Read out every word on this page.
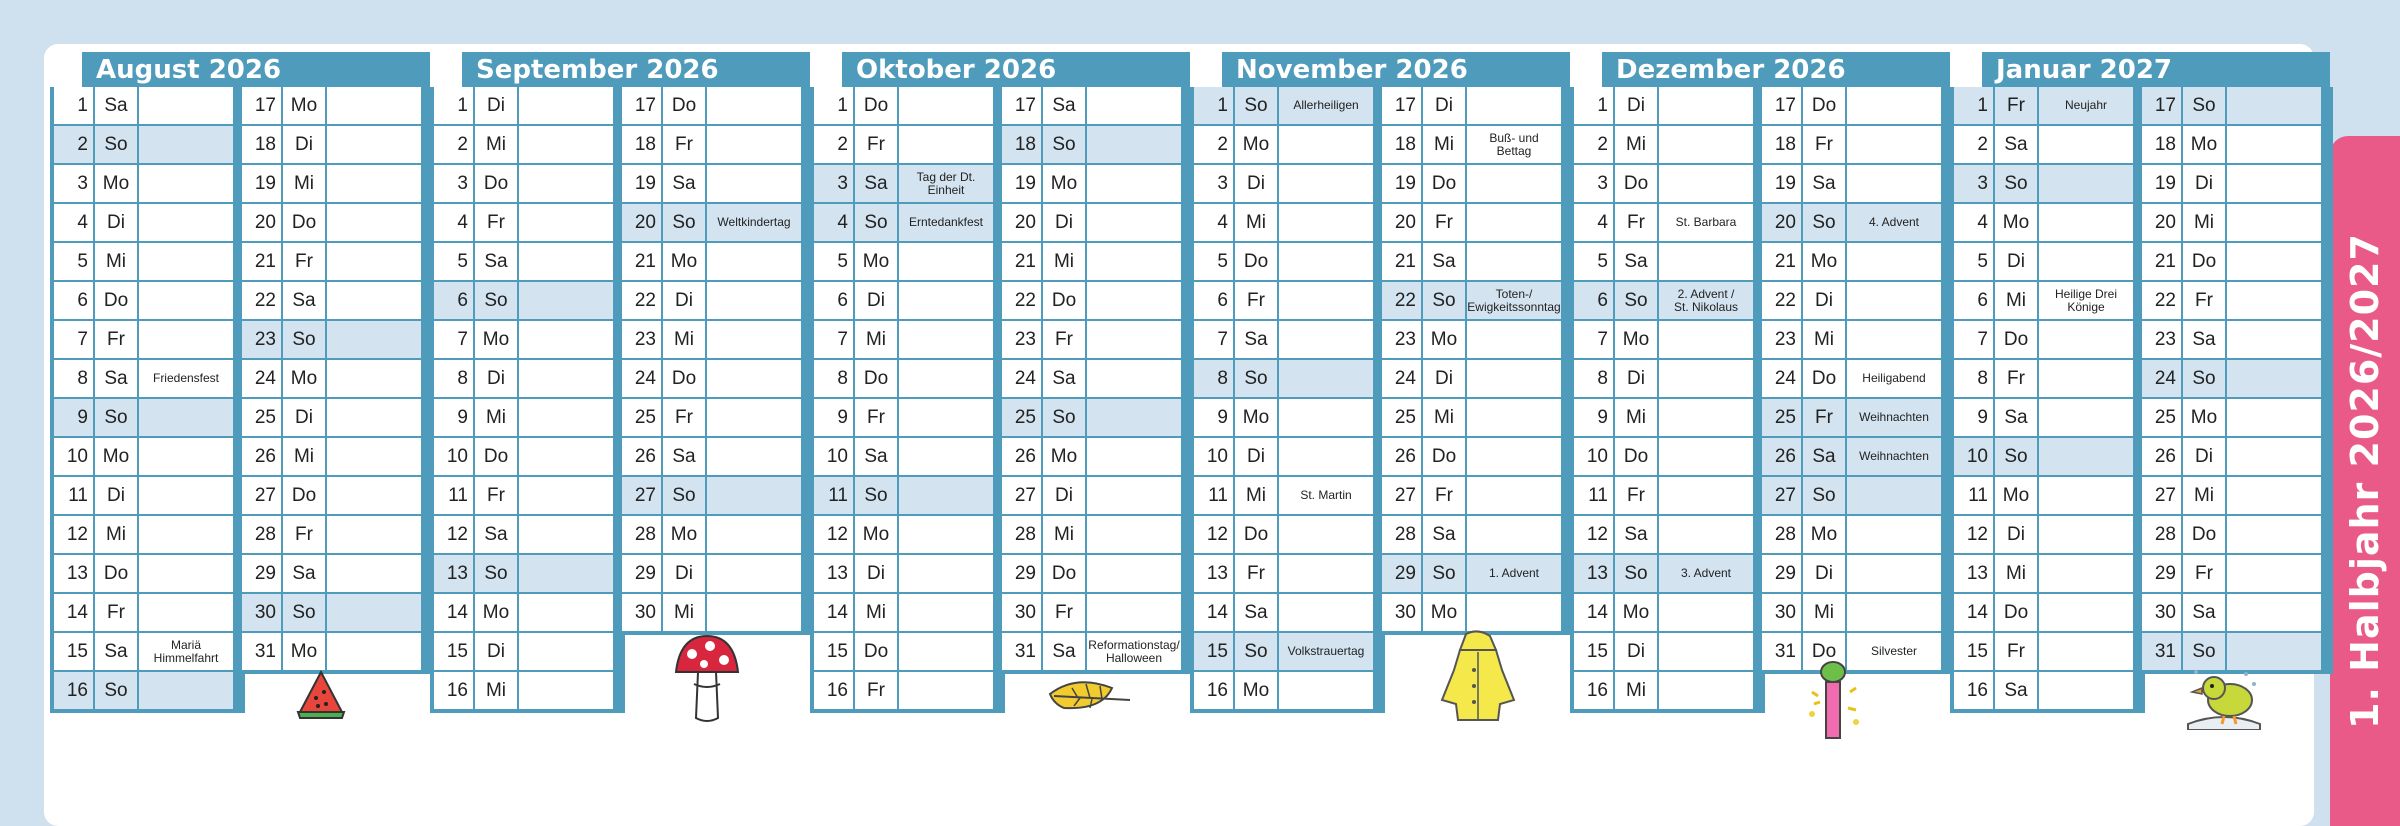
1. Halbjahr 2026/2027
August 2026
1 Sa
2 So
3 Mo
4	Di
5 Mi
6 Do
7	Fr
8 Sa	Friedensfest
9 So
10 Mo
11	Di
12 Mi
13 Do
14	Fr
15 Sa	Mariä
Himmelfahrt
16 So
17 Mo
18	Di
19 Mi
20 Do
21	Fr
22 Sa
23 So
24 Mo
25	Di
26 Mi
27 Do
28	Fr
29 Sa
30 So
31 Mo
September 2026
1	Di
2 Mi
3 Do
4	Fr
5 Sa
6 So
7 Mo
8	Di
9 Mi
10 Do
11	Fr
12 Sa
13 So
14 Mo
15	Di
16 Mi
17 Do
18	Fr
19 Sa
20 So	Weltkindertag
21 Mo
22	Di
23 Mi
24 Do
25	Fr
26 Sa
27 So
28 Mo
29	Di
30 Mi
Oktober 2026
1 Do
2	Fr
3 Sa	Tag der Dt.
Einheit
4 So	Erntedankfest
5 Mo
6	Di
7 Mi
8 Do
9	Fr
10 Sa
11 So
12 Mo
13	Di
14 Mi
15 Do
16	Fr
17 Sa
18 So
19 Mo
20	Di
21 Mi
22 Do
23	Fr
24 Sa
25 So
26 Mo
27	Di
28 Mi
29 Do
30	Fr
31 Sa	Reformationstag/
Halloween
November 2026
1 So	Allerheiligen
2 Mo
3	Di
4 Mi
5 Do
6	Fr
7 Sa
8 So
9 Mo
10	Di
11 Mi	St. Martin
12 Do
13	Fr
14 Sa
15 So	Volkstrauertag
16 Mo
17	Di
18 Mi	Buß- und
Bettag
19 Do
20	Fr
21 Sa
22 So	Toten-/
Ewigkeitssonntag
23 Mo
24	Di
25 Mi
26 Do
27	Fr
28 Sa
29 So	1. Advent
30 Mo
Dezember 2026
1	Di
2 Mi
3 Do
4	Fr	St. Barbara
5 Sa
6 So	2. Advent /
St. Nikolaus
7 Mo
8	Di
9 Mi
10 Do
11	Fr
12 Sa
13 So	3. Advent
14 Mo
15	Di
16 Mi
17 Do
18	Fr
19 Sa
20 So	4. Advent
21 Mo
22	Di
23 Mi
24 Do	Heiligabend
25	Fr	Weihnachten
26 Sa	Weihnachten
27 So
28 Mo
29	Di
30 Mi
31 Do	Silvester
Januar 2027
1	Fr	Neujahr
2 Sa
3 So
4 Mo
5	Di
6 Mi	Heilige Drei
Könige
7 Do
8	Fr
9 Sa
10 So
11 Mo
12	Di
13 Mi
14 Do
15	Fr
16 Sa
17 So
18 Mo
19	Di
20 Mi
21 Do
22	Fr
23 Sa
24 So
25 Mo
26	Di
27 Mi
28 Do
29	Fr
30 Sa
31 So
